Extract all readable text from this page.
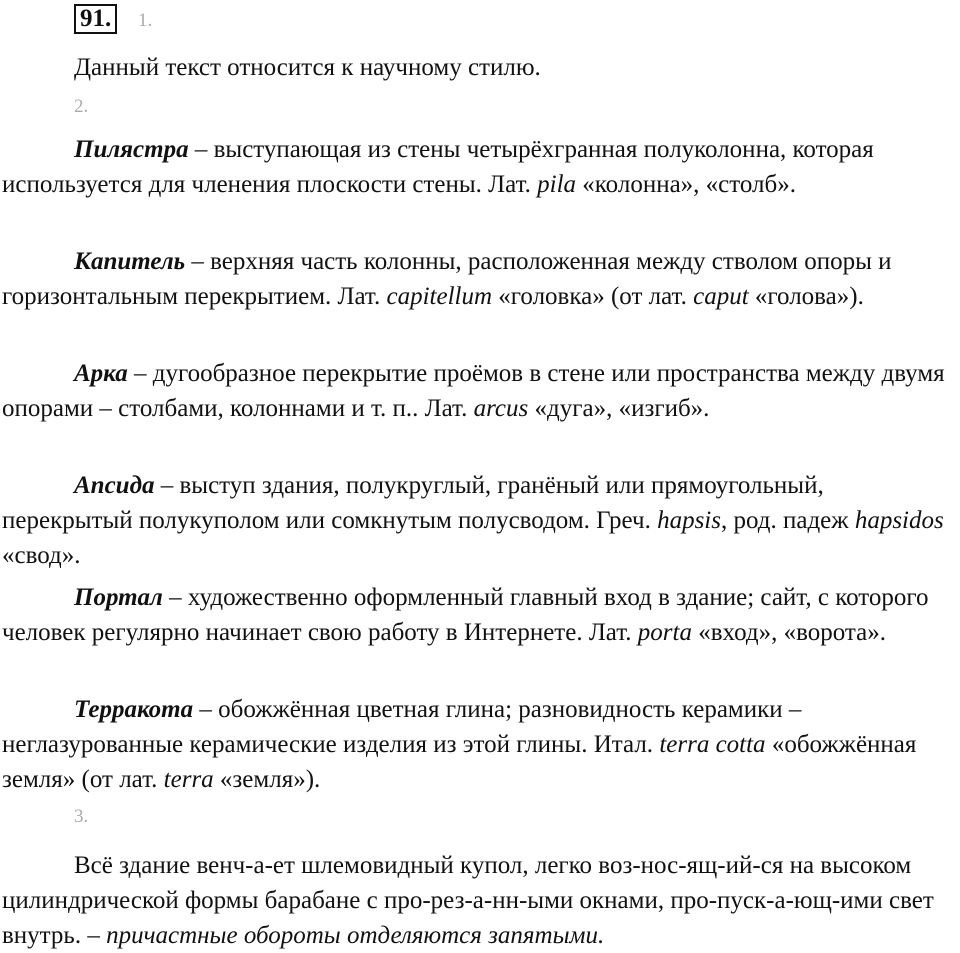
91.	1.
Данный текст относится к научному стилю.
2.

Пилястра – выступающая из стены четырёхгранная полуколонна, которая используется для членения плоскости стены. Лат. pila «колонна», «столб».

Капитель – верхняя часть колонны, расположенная между стволом опоры и горизонтальным перекрытием. Лат. capitellum «головка» (от лат. caput «голова»).

Арка – дугообразное перекрытие проёмов в стене или пространства между двумя опорами – столбами, колоннами и т. п.. Лат. arcus «дуга», «изгиб».

Апсида – выступ здания, полукруглый, гранёный или прямоугольный, перекрытый полукуполом или сомкнутым полусводом. Греч. hapsis, род. падеж hapsidos «свод».

Портал – художественно оформленный главный вход в здание; сайт, с которого человек регулярно начинает свою работу в Интернете. Лат. porta «вход», «ворота».

Терракота – обожжённая цветная глина; разновидность керамики – неглазурованные керамические изделия из этой глины. Итал. terra cotta «обожжённая земля» (от лат. terra «земля»).

3.

Всё здание венч-а-ет шлемовидный купол, легко воз-нос-ящ-ий-ся на высоком цилиндрической формы барабане с про-рез-а-нн-ыми окнами, про-пуск-а-ющ-ими свет внутрь. – причастные обороты отделяются запятыми.
